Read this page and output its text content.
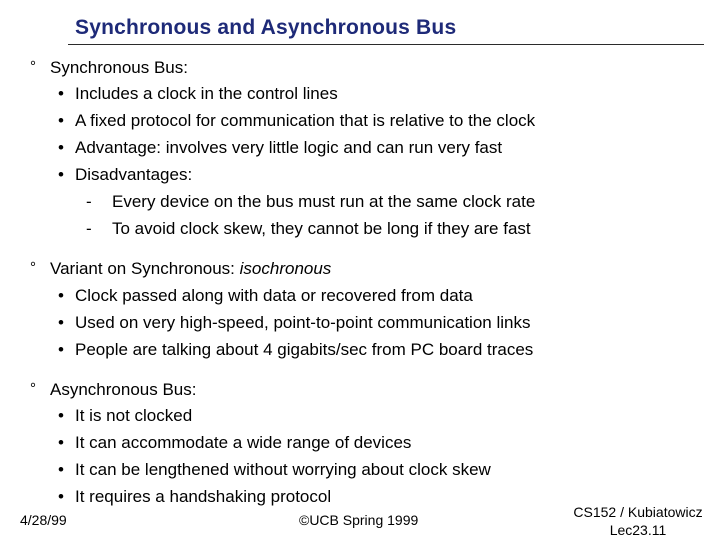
Synchronous and Asynchronous Bus
° Synchronous Bus:
• Includes a clock in the control lines
• A fixed protocol for communication that is relative to the clock
• Advantage: involves very little logic and can run very fast
• Disadvantages:
- Every device on the bus must run at the same clock rate
- To avoid clock skew, they cannot be long if they are fast
° Variant on Synchronous: isochronous
• Clock passed along with data or recovered from data
• Used on very high-speed, point-to-point communication links
• People are talking about 4 gigabits/sec from PC board traces
° Asynchronous Bus:
• It is not clocked
• It can accommodate a wide range of devices
• It can be lengthened without worrying about clock skew
• It requires a handshaking protocol
4/28/99	©UCB Spring 1999	CS152 / Kubiatowicz
Lec23.11
